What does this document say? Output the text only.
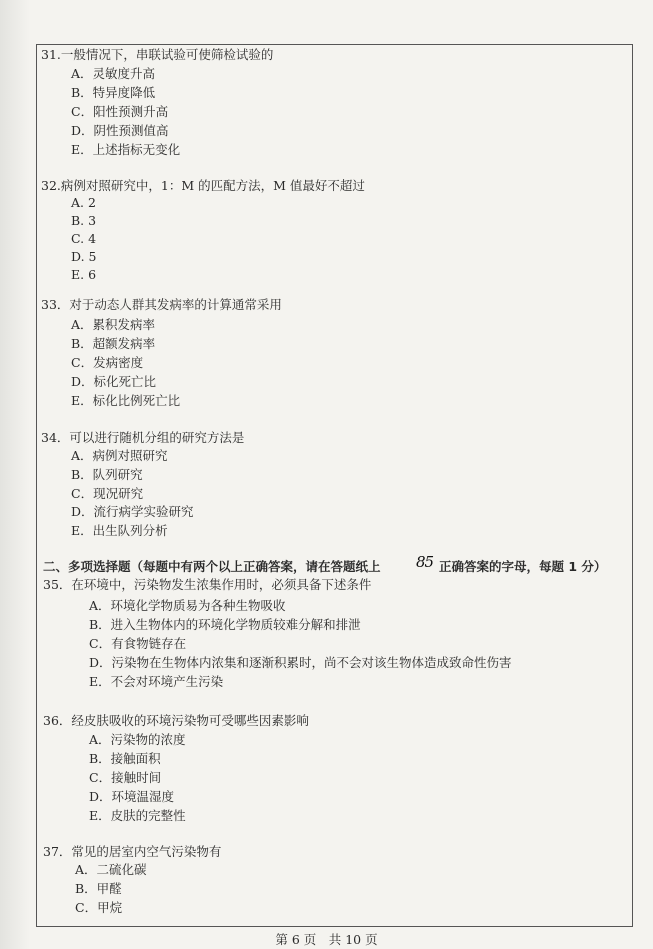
31.一般情况下，串联试验可使筛检试验的
A．灵敏度升高
B．特异度降低
C．阳性预测升高
D．阴性预测值高
E．上述指标无变化
32.病例对照研究中，1：M 的匹配方法，M 值最好不超过
A. 2
B. 3
C. 4
D. 5
E. 6
33．对于动态人群其发病率的计算通常采用
A．累积发病率
B．超额发病率
C．发病密度
D．标化死亡比
E．标化比例死亡比
34．可以进行随机分组的研究方法是
A．病例对照研究
B．队列研究
C．现况研究
D．流行病学实验研究
E．出生队列分析
二、多项选择题（每题中有两个以上正确答案，请在答题纸上 85 正确答案的字母，每题 1 分）
35．在环境中，污染物发生浓集作用时，必须具备下述条件
A．环境化学物质易为各种生物吸收
B．进入生物体内的环境化学物质较难分解和排泄
C．有食物链存在
D．污染物在生物体内浓集和逐渐积累时，尚不会对该生物体造成致命性伤害
E．不会对环境产生污染
36．经皮肤吸收的环境污染物可受哪些因素影响
A．污染物的浓度
B．接触面积
C．接触时间
D．环境温湿度
E．皮肤的完整性
37．常见的居室内空气污染物有
A．二硫化碳
B．甲醛
C．甲烷
第 6 页　共 10 页
